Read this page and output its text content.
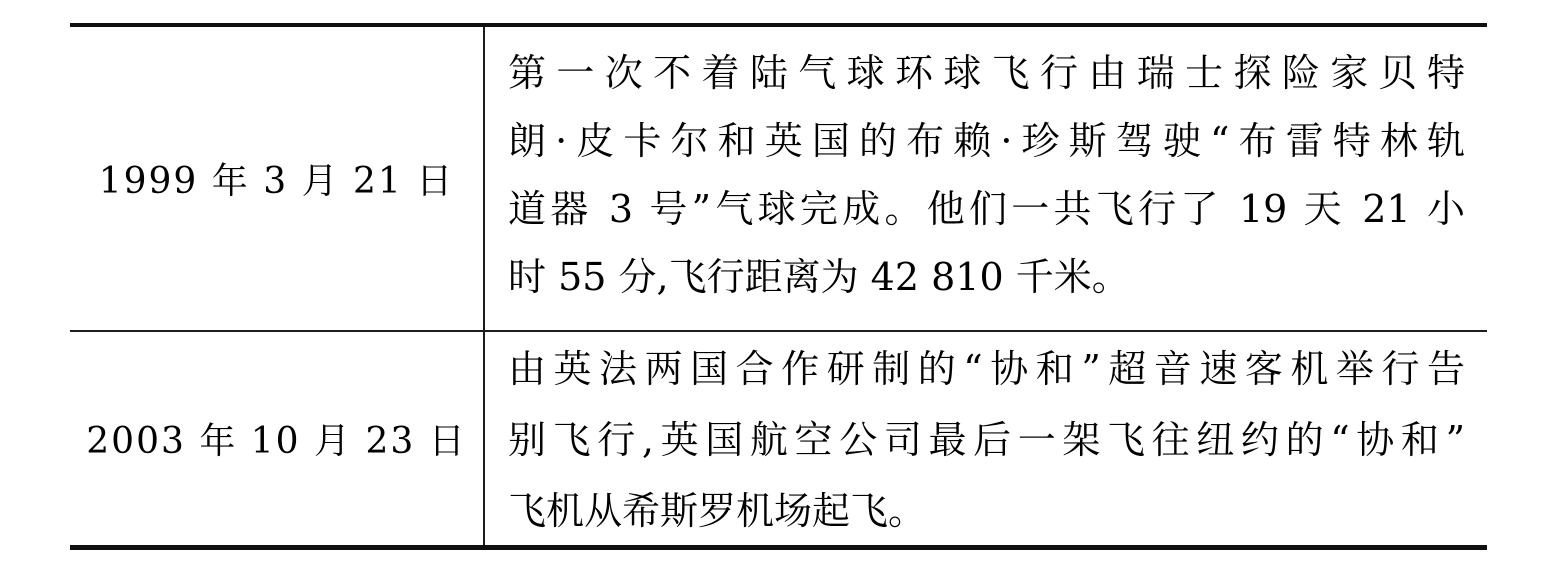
1999 年 3 月 21 日
第一次不着陆气球环球飞行由瑞士探险家贝特
朗·皮卡尔和英国的布赖·珍斯驾驶“布雷特林轨
道器 3 号”气球完成。他们一共飞行了 19 天 21 小
时 55 分,飞行距离为 42 810 千米。
2003 年 10 月 23 日
由英法两国合作研制的“协和”超音速客机举行告
别飞行,英国航空公司最后一架飞往纽约的“协和”
飞机从希斯罗机场起飞。
